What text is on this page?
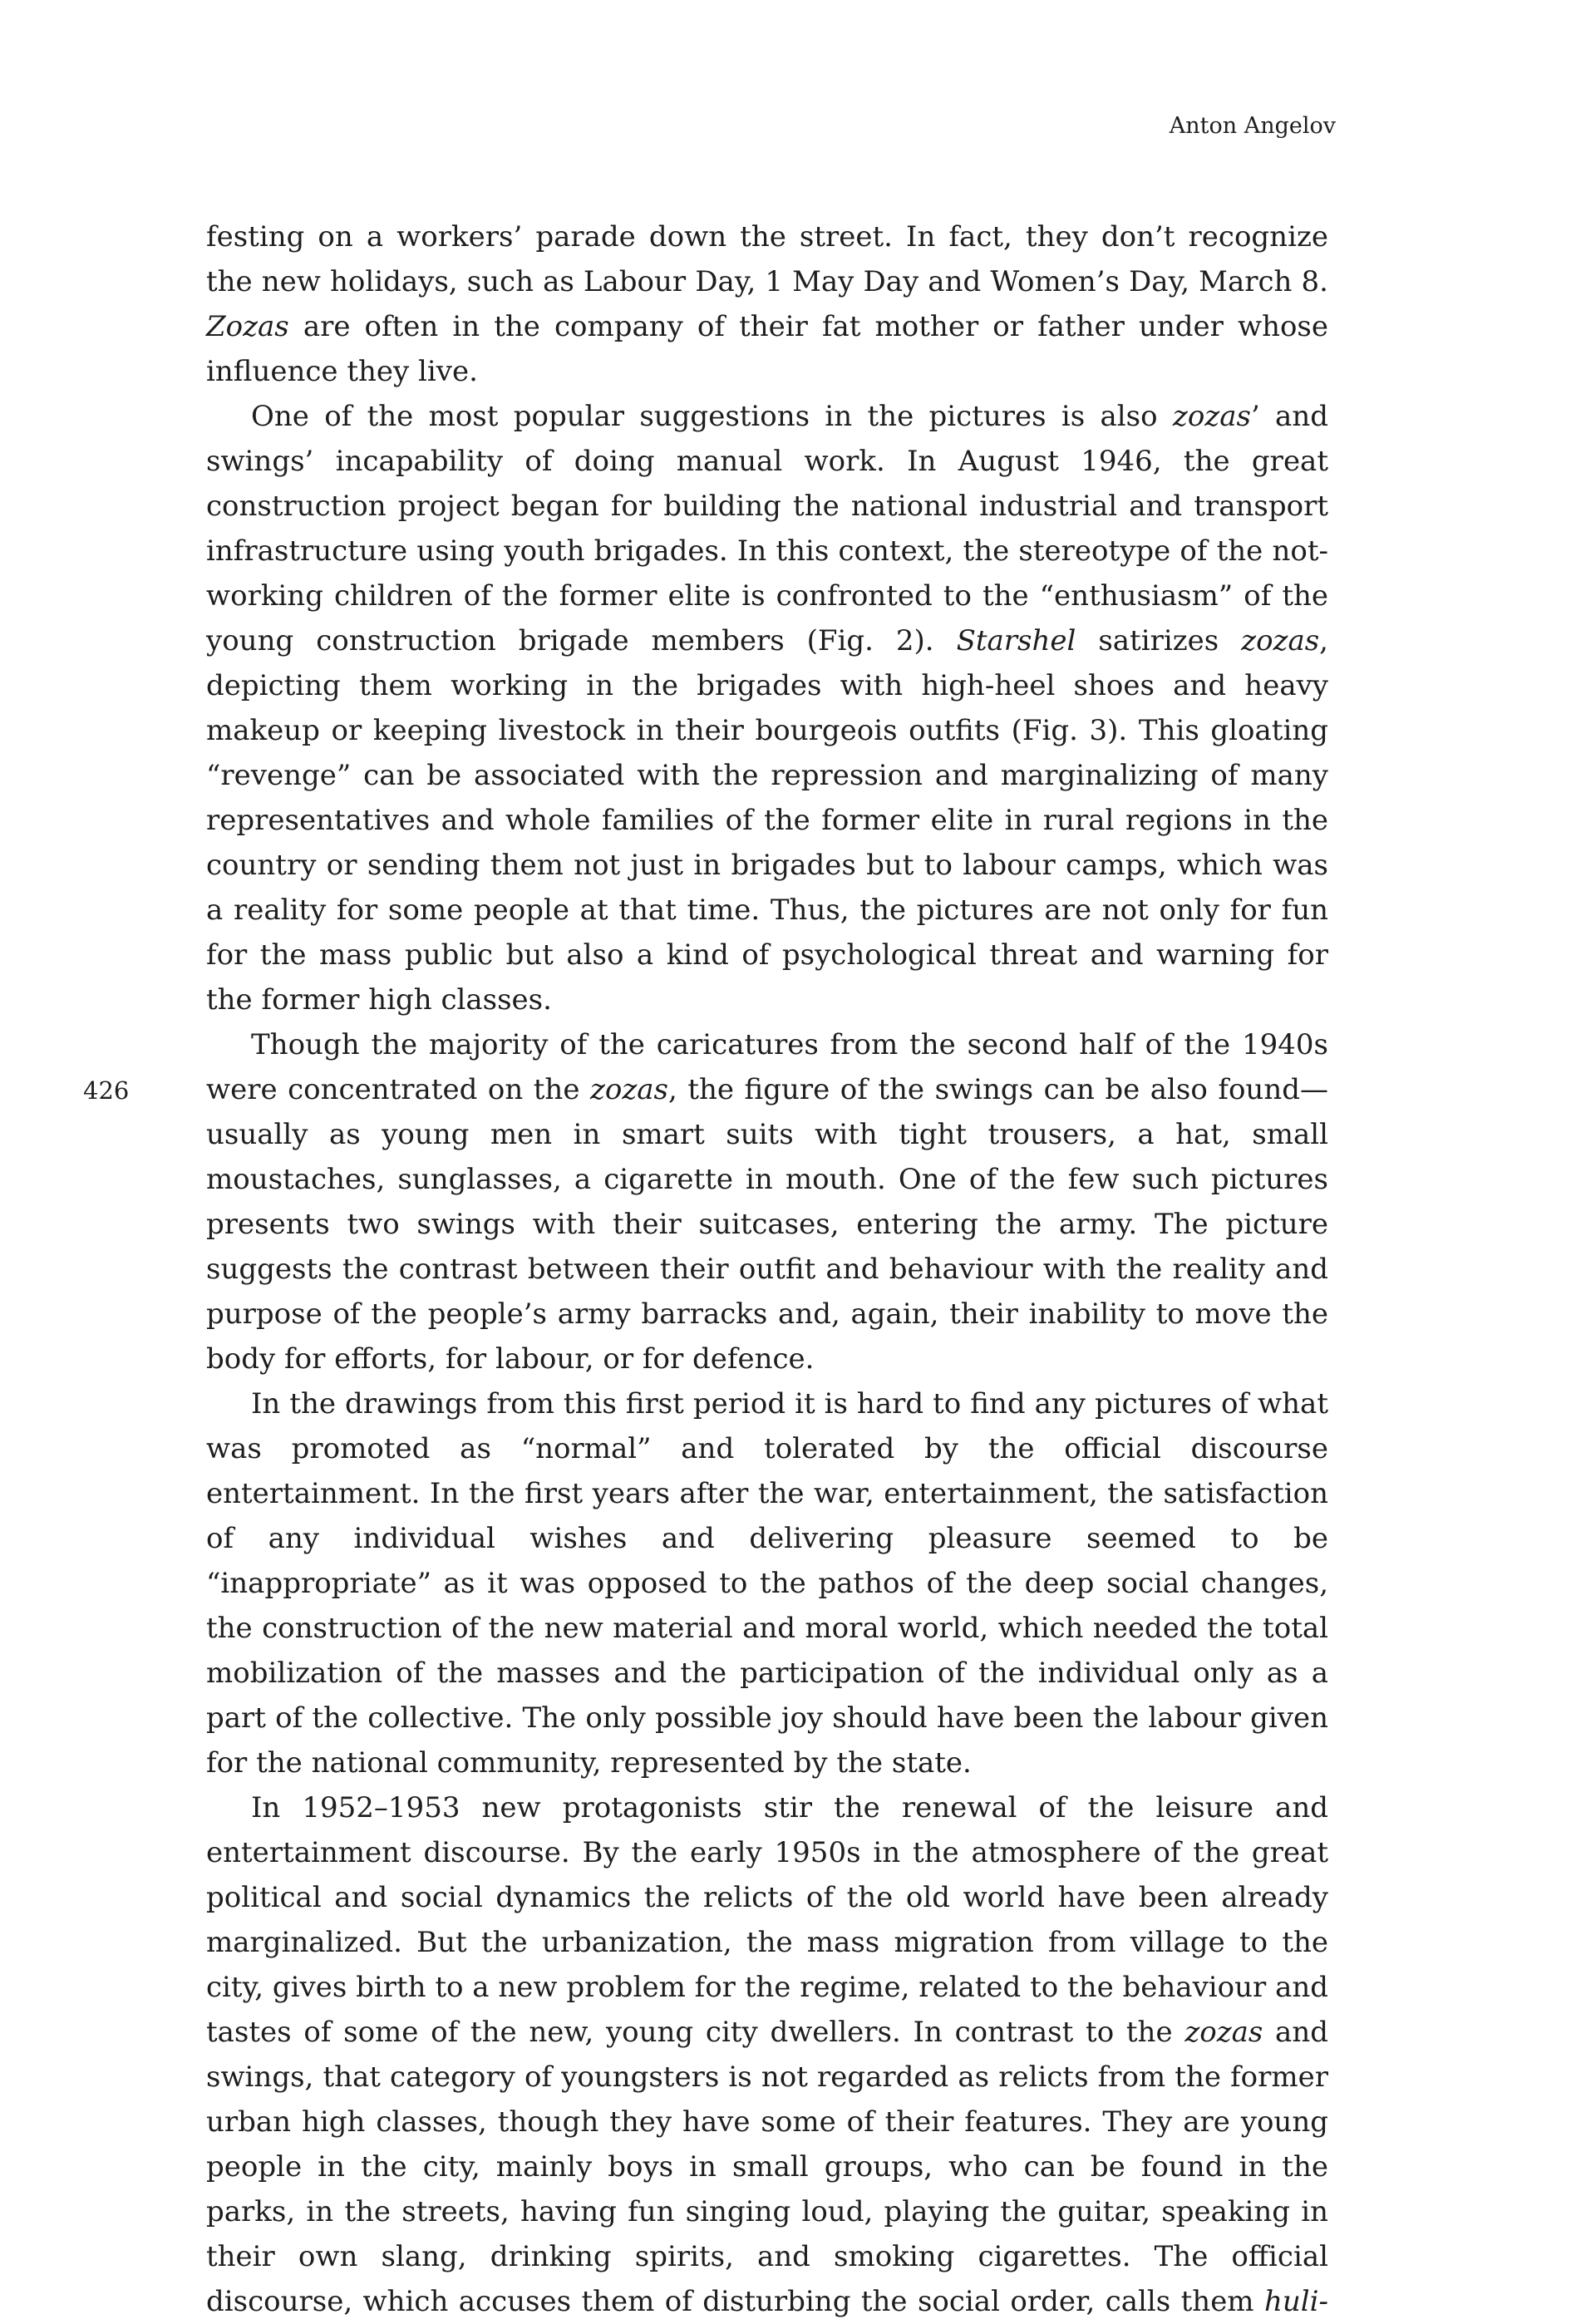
Anton Angelov
426

festing on a workers’ parade down the street. In fact, they don’t recognize the new holidays, such as Labour Day, 1 May Day and Women’s Day, March 8. Zozas are often in the company of their fat mother or father under whose influence they live.

One of the most popular suggestions in the pictures is also zozas’ and swings’ incapability of doing manual work. In August 1946, the great construction project began for building the national industrial and transport infrastructure using youth brigades. In this context, the stereotype of the not-working children of the former elite is confronted to the “enthusiasm” of the young construction brigade members (Fig. 2). Starshel satirizes zozas, depicting them working in the brigades with high-heel shoes and heavy makeup or keeping livestock in their bourgeois outfits (Fig. 3). This gloating “revenge” can be associated with the repression and marginalizing of many representatives and whole families of the former elite in rural regions in the country or sending them not just in brigades but to labour camps, which was a reality for some people at that time. Thus, the pictures are not only for fun for the mass public but also a kind of psychological threat and warning for the former high classes.

Though the majority of the caricatures from the second half of the 1940s were concentrated on the zozas, the figure of the swings can be also found—usually as young men in smart suits with tight trousers, a hat, small moustaches, sunglasses, a cigarette in mouth. One of the few such pictures presents two swings with their suitcases, entering the army. The picture suggests the contrast between their outfit and behaviour with the reality and purpose of the people’s army barracks and, again, their inability to move the body for efforts, for labour, or for defence.

In the drawings from this first period it is hard to find any pictures of what was promoted as “normal” and tolerated by the official discourse entertainment. In the first years after the war, entertainment, the satisfaction of any individual wishes and delivering pleasure seemed to be “inappropriate” as it was opposed to the pathos of the deep social changes, the construction of the new material and moral world, which needed the total mobilization of the masses and the participation of the individual only as a part of the collective. The only possible joy should have been the labour given for the national community, represented by the state.

In 1952–1953 new protagonists stir the renewal of the leisure and entertainment discourse. By the early 1950s in the atmosphere of the great political and social dynamics the relicts of the old world have been already marginalized. But the urbanization, the mass migration from village to the city, gives birth to a new problem for the regime, related to the behaviour and tastes of some of the new, young city dwellers. In contrast to the zozas and swings, that category of youngsters is not regarded as relicts from the former urban high classes, though they have some of their features. They are young people in the city, mainly boys in small groups, who can be found in the parks, in the streets, having fun singing loud, playing the guitar, speaking in their own slang, drinking spirits, and smoking cigarettes. The official discourse, which accuses them of disturbing the social order, calls them huli-
